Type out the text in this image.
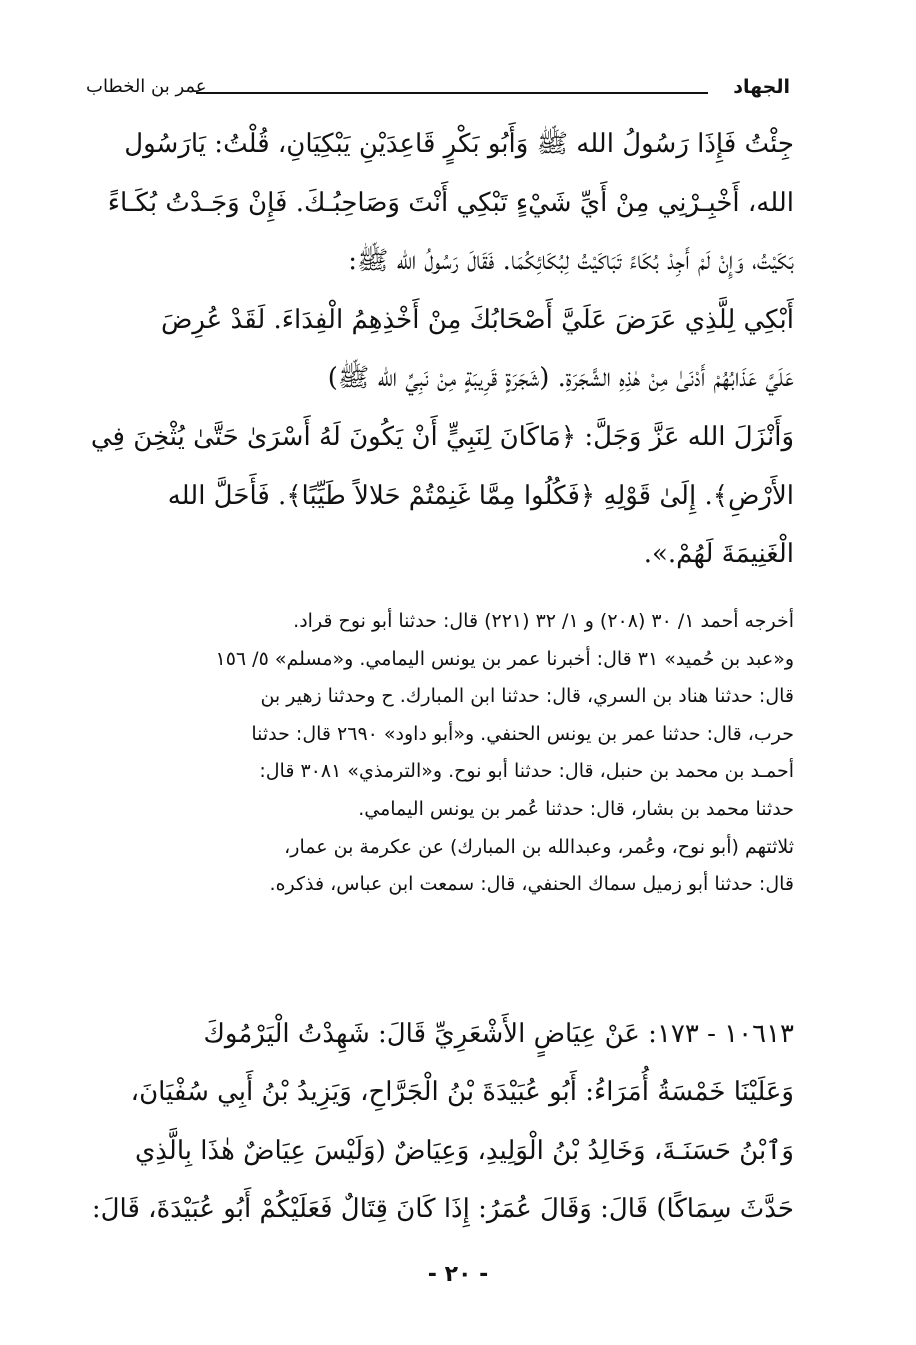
الجهاد
عمر بن الخطاب
جِئْتُ فَإِذَا رَسُولُ الله ﷺ وَأَبُو بَكْرٍ قَاعِدَيْنِ يَبْكِيَانِ، قُلْتُ: يَارَسُول
الله، أَخْبِـرْنِي مِنْ أَيِّ شَيْءٍ تَبْكِي أَنْتَ وَصَاحِبُـكَ. فَإِنْ وَجَـدْتُ بُكَـاءً
بَكَيْتُ، وَإِنْ لَمْ أَجِدْ بُكَاءً تَبَاكَيْتُ لِبُكَائِكُمَا. فَقَالَ رَسُولُ الله ﷺ:
أَبْكِي لِلَّذِي عَرَضَ عَلَيَّ أَصْحَابُكَ مِنْ أَخْذِهِمُ الْفِدَاءَ. لَقَدْ عُرِضَ
عَلَيَّ عَذَابُهُمْ أَدْنَىٰ مِنْ هٰذِهِ الشَّجَرَةِ. (شَجَرَةٍ قَرِيبَةٍ مِنْ نَبِيِّ الله ﷺ)
وَأَنْزَلَ الله عَزَّ وَجَلَّ: ﴿مَاكَانَ لِنَبِيٍّ أَنْ يَكُونَ لَهُ أَسْرَىٰ حَتَّىٰ يُثْخِنَ فِي
الأَرْضِ﴾. إِلَىٰ قَوْلِهِ ﴿فَكُلُوا مِمَّا غَنِمْتُمْ حَلالاً طَيِّبًا﴾. فَأَحَلَّ الله
الْغَنِيمَةَ لَهُمْ.».
أخرجه أحمد ١/ ٣٠ (٢٠٨) و ١/ ٣٢ (٢٢١) قال: حدثنا أبو نوح قراد.
و«عبد بن حُميد» ٣١ قال: أخبرنا عمر بن يونس اليمامي. و«مسلم» ٥/ ١٥٦
قال: حدثنا هناد بن السري، قال: حدثنا ابن المبارك. ح وحدثنا زهير بن
حرب، قال: حدثنا عمر بن يونس الحنفي. و«أبو داود» ٢٦٩٠ قال: حدثنا
أحمـد بن محمد بن حنبل، قال: حدثنا أبو نوح. و«الترمذي» ٣٠٨١ قال:
حدثنا محمد بن بشار، قال: حدثنا عُمر بن يونس اليمامي.
ثلاثتهم (أبو نوح، وعُمر، وعبدالله بن المبارك) عن عكرمة بن عمار،
قال: حدثنا أبو زميل سماك الحنفي، قال: سمعت ابن عباس، فذكره.
١٠٦١٣ - ١٧٣: عَنْ عِيَاضٍ الأَشْعَرِيِّ قَالَ: شَهِدْتُ الْيَرْمُوكَ
وَعَلَيْنَا خَمْسَةُ أُمَرَاءُ: أَبُو عُبَيْدَةَ بْنُ الْجَرَّاحِ، وَيَزِيدُ بْنُ أَبِي سُفْيَانَ،
وَٱبْنُ حَسَنَـةَ، وَخَالِدُ بْنُ الْوَلِيدِ، وَعِيَاضٌ (وَلَيْسَ عِيَاضٌ هٰذَا بِالَّذِي
حَدَّثَ سِمَاكًا) قَالَ: وَقَالَ عُمَرُ: إِذَا كَانَ قِتَالٌ فَعَلَيْكُمْ أَبُو عُبَيْدَةَ، قَالَ:
- ٢٠ -
